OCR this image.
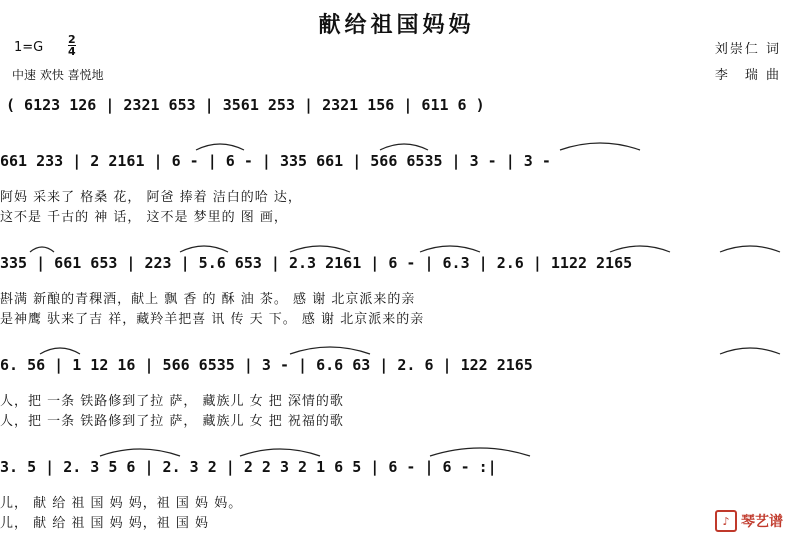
献给祖国妈妈
1=G
2
4
中速 欢快 喜悦地
刘崇仁 词
李　瑞 曲
( 6123 126 | 2321 653 | 3561 253 | 2321 156 | 611 6 )
661 233 | 2 2161 | 6 - | 6 - | 335 661 | 566 6535 | 3 - | 3 -
阿妈 采来了 格桑 花， 阿爸 捧着 洁白的哈 达，
这不是 千古的 神 话， 这不是 梦里的 图 画，
335 | 661 653 | 223 | 5.6 653 | 2.3 2161 | 6 - | 6.3 | 2.6 | 1122 2165
斟满 新酿的青稞酒，献上 飘 香 的 酥 油 茶。 感 谢 北京派来的亲
是神鹰 驮来了吉 祥，藏羚羊把喜 讯 传 天 下。 感 谢 北京派来的亲
6. 56 | 1 12 16 | 566 6535 | 3 - | 6.6 63 | 2. 6 | 122 2165
人，把 一条 铁路修到了拉 萨， 藏族儿 女 把 深情的歌
人，把 一条 铁路修到了拉 萨， 藏族儿 女 把 祝福的歌
3. 5 | 2. 3 5 6 | 2. 3 2 | 2 2 3 2 1 6 5 | 6 - | 6 - :|
儿， 献 给 祖 国 妈 妈，祖 国 妈 妈。
儿， 献 给 祖 国 妈 妈，祖 国 妈	♪ 琴艺谱
